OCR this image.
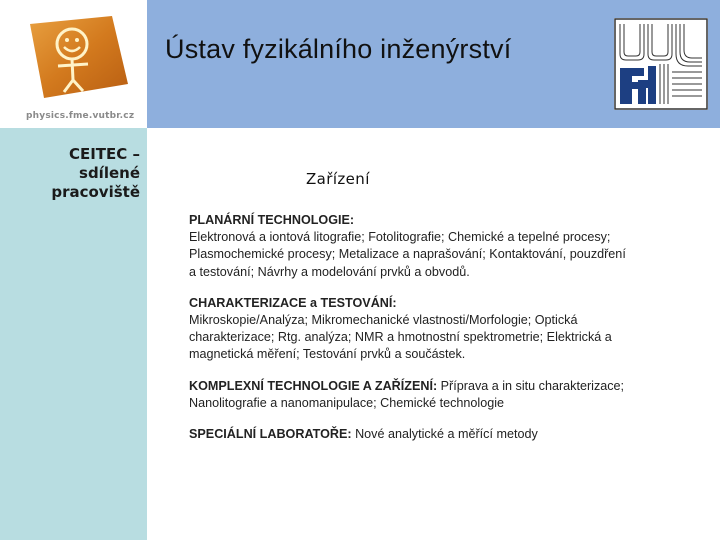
physics.fme.vutbr.cz
Ústav fyzikálního inženýrství
CEITEC –
sdílené
pracoviště
Zařízení

PLANÁRNÍ TECHNOLOGIE:

Elektronová a iontová litografie; Fotolitografie; Chemické a tepelné procesy; Plasmochemické procesy; Metalizace a naprašování; Kontaktování, pouzdření a testování; Návrhy a modelování prvků a obvodů.

CHARAKTERIZACE a TESTOVÁNÍ:

Mikroskopie/Analýza; Mikromechanické vlastnosti/Morfologie; Optická charakterizace; Rtg. analýza; NMR a hmotnostní spektrometrie; Elektrická a magnetická měření; Testování prvků a součástek.

KOMPLEXNÍ TECHNOLOGIE A ZAŘÍZENÍ: Příprava a in situ charakterizace; Nanolitografie a nanomanipulace; Chemické technologie

SPECIÁLNÍ LABORATOŘE: Nové analytické a měřící metody
